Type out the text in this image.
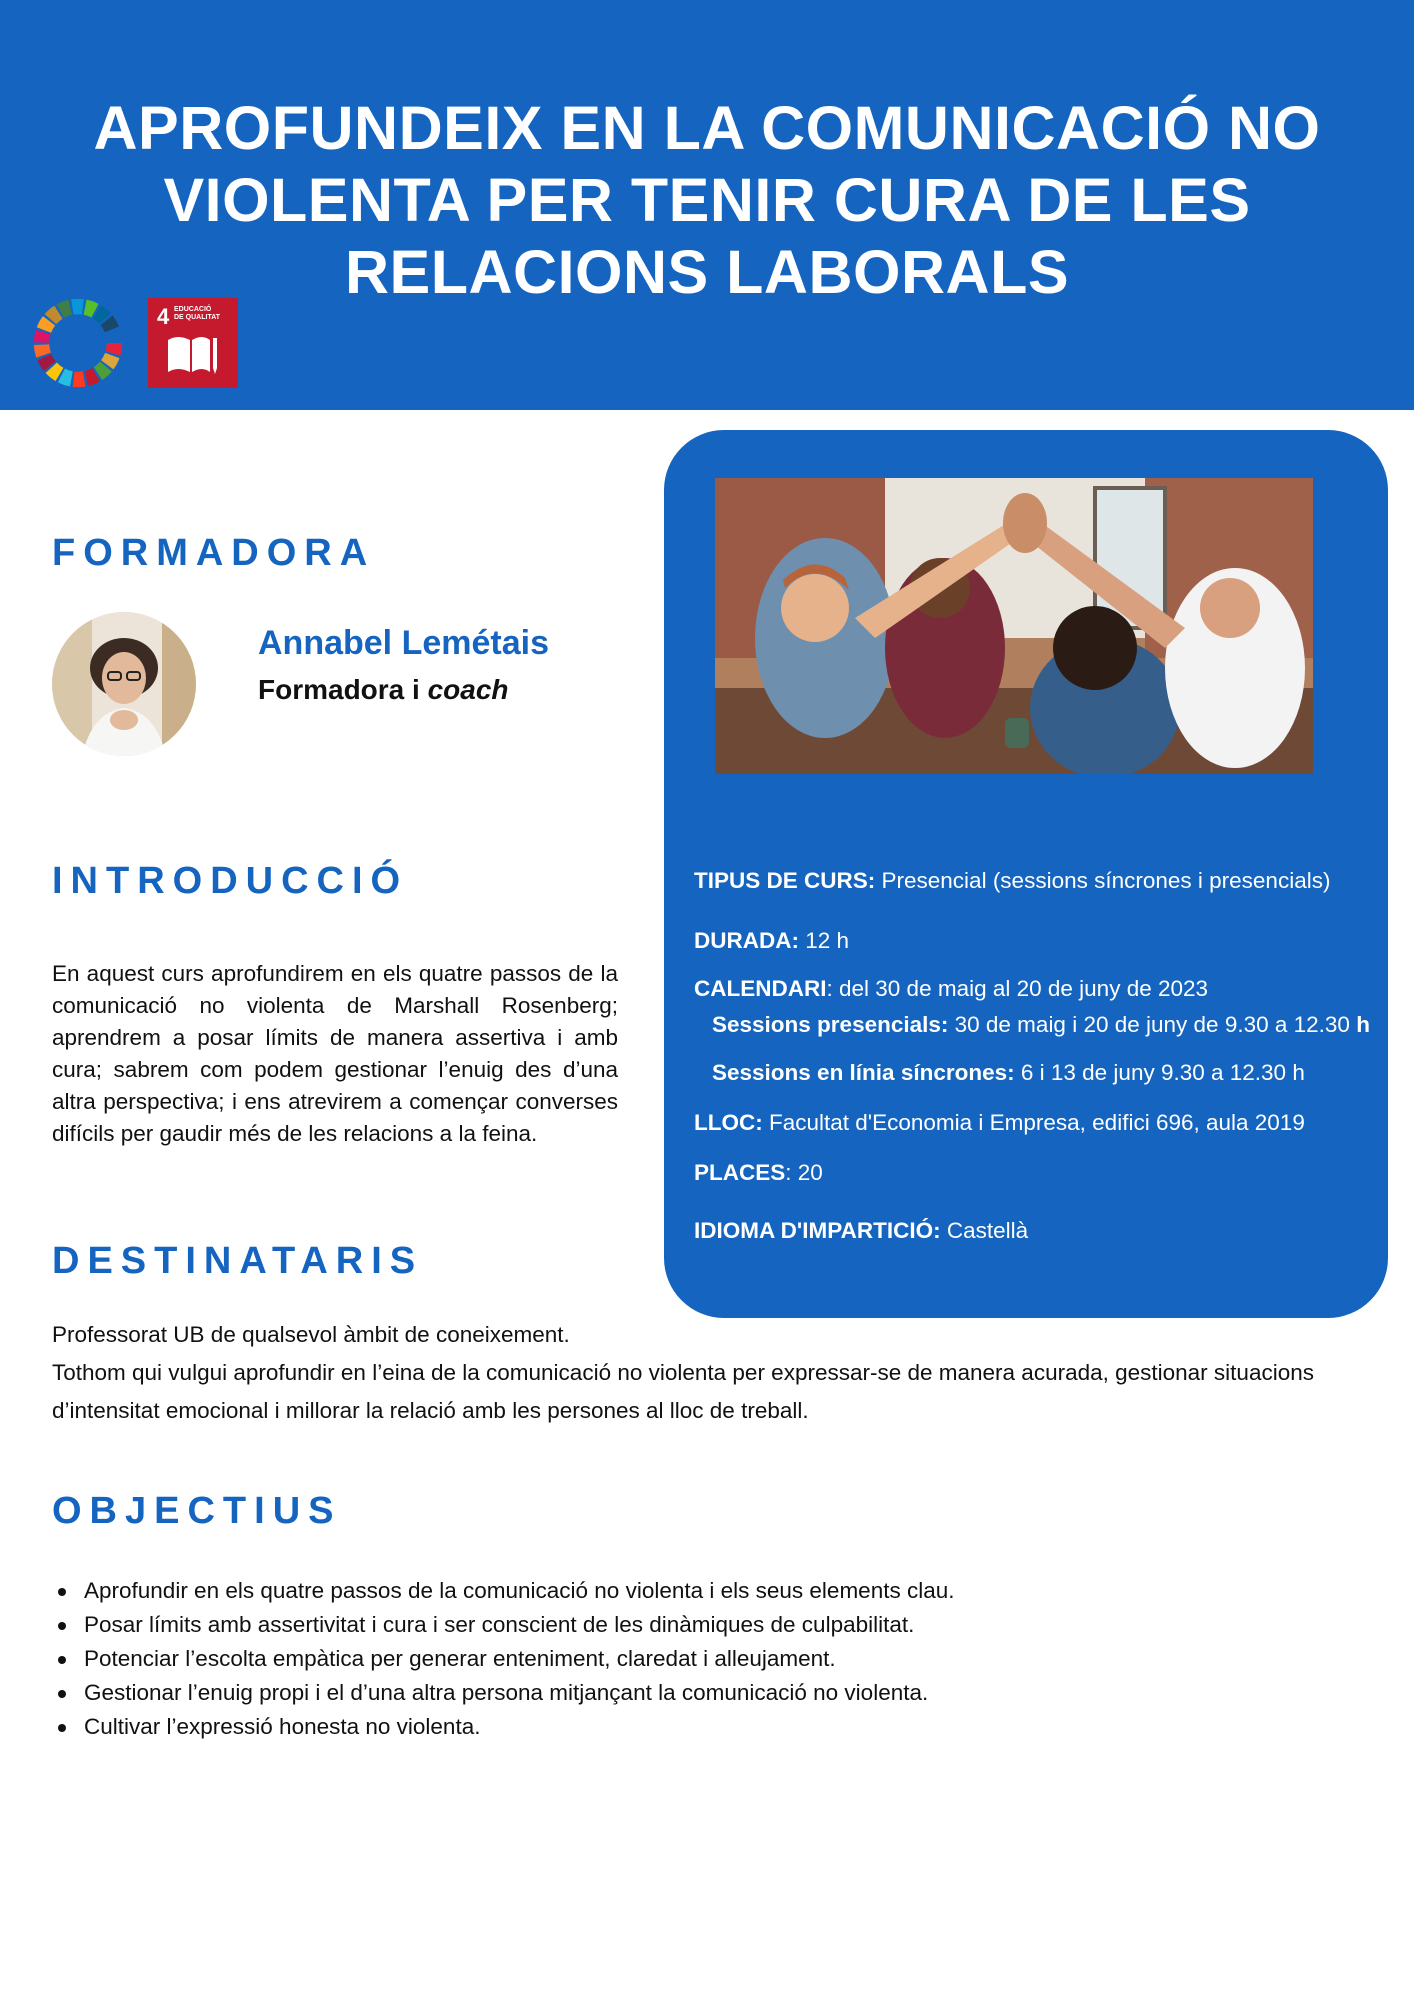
APROFUNDEIX EN LA COMUNICACIÓ NO
VIOLENTA PER TENIR CURA DE LES
RELACIONS LABORALS
4 EDUCACIÓ
DE QUALITAT
FORMADORA
Annabel Lemétais
Formadora i coach
INTRODUCCIÓ
En aquest curs aprofundirem en els quatre passos de la comunicació no violenta de Marshall Rosenberg; aprendrem a posar límits de manera assertiva i amb cura; sabrem com podem gestionar l’enuig des d’una altra perspectiva; i ens atrevirem a començar converses difícils per gaudir més de les relacions a la feina.
DESTINATARIS

Professorat UB de qualsevol àmbit de coneixement.

Tothom qui vulgui aprofundir en l’eina de la comunicació no violenta per expressar-se de manera acurada, gestionar situacions d’intensitat emocional i millorar la relació amb les persones al lloc de treball.

OBJECTIUS
Aprofundir en els quatre passos de la comunicació no violenta i els seus elements clau.
Posar límits amb assertivitat i cura i ser conscient de les dinàmiques de culpabilitat.
Potenciar l’escolta empàtica per generar enteniment, claredat i alleujament.
Gestionar l’enuig propi i el d’una altra persona mitjançant la comunicació no violenta.
Cultivar l’expressió honesta no violenta.
TIPUS DE CURS: Presencial (sessions síncrones i presencials)
DURADA: 12 h
CALENDARI: del 30 de maig al 20 de juny de 2023
Sessions presencials: 30 de maig i 20 de juny de 9.30 a 12.30 h
Sessions en línia síncrones: 6 i 13 de juny 9.30 a 12.30 h
LLOC: Facultat d'Economia i Empresa, edifici 696, aula 2019
PLACES: 20
IDIOMA D'IMPARTICIÓ: Castellà
